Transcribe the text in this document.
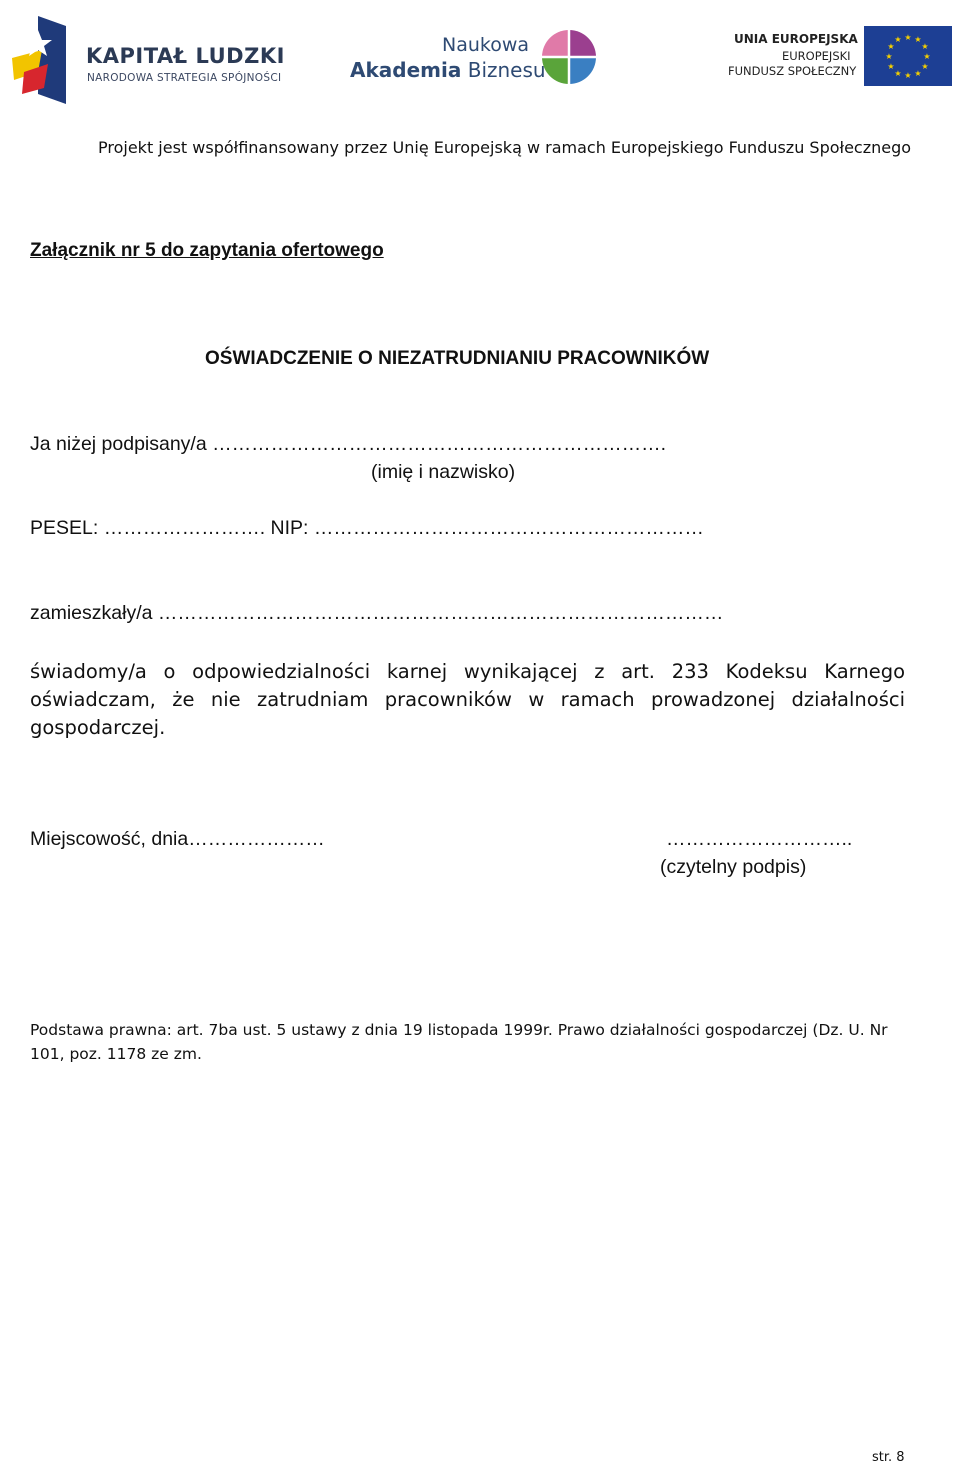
KAPITAŁ LUDZKI
NARODOWA STRATEGIA SPÓJNOŚCI
Naukowa
Akademia Biznesu
UNIA EUROPEJSKA
EUROPEJSKI
FUNDUSZ SPOŁECZNY
★ ★
★
★
★
★
★
★
★
★
★
★
Projekt jest współfinansowany przez Unię Europejską w ramach Europejskiego Funduszu Społecznego
Załącznik nr 5 do zapytania ofertowego
OŚWIADCZENIE O NIEZATRUDNIANIU PRACOWNIKÓW
Ja niżej podpisany/a …………………………………………………………….
(imię i nazwisko)
PESEL: ……………………. NIP: ……………………………………………………
zamieszkały/a ……………………………………………………………………………
świadomy/a o odpowiedzialności karnej wynikającej z art. 233 Kodeksu Karnego oświadczam, że nie zatrudniam pracowników w ramach prowadzonej działalności gospodarczej.
Miejscowość, dnia…………………	………………………..
(czytelny podpis)
Podstawa prawna: art. 7ba ust. 5 ustawy z dnia 19 listopada 1999r. Prawo działalności gospodarczej (Dz. U. Nr 101, poz. 1178 ze zm.
str. 8
